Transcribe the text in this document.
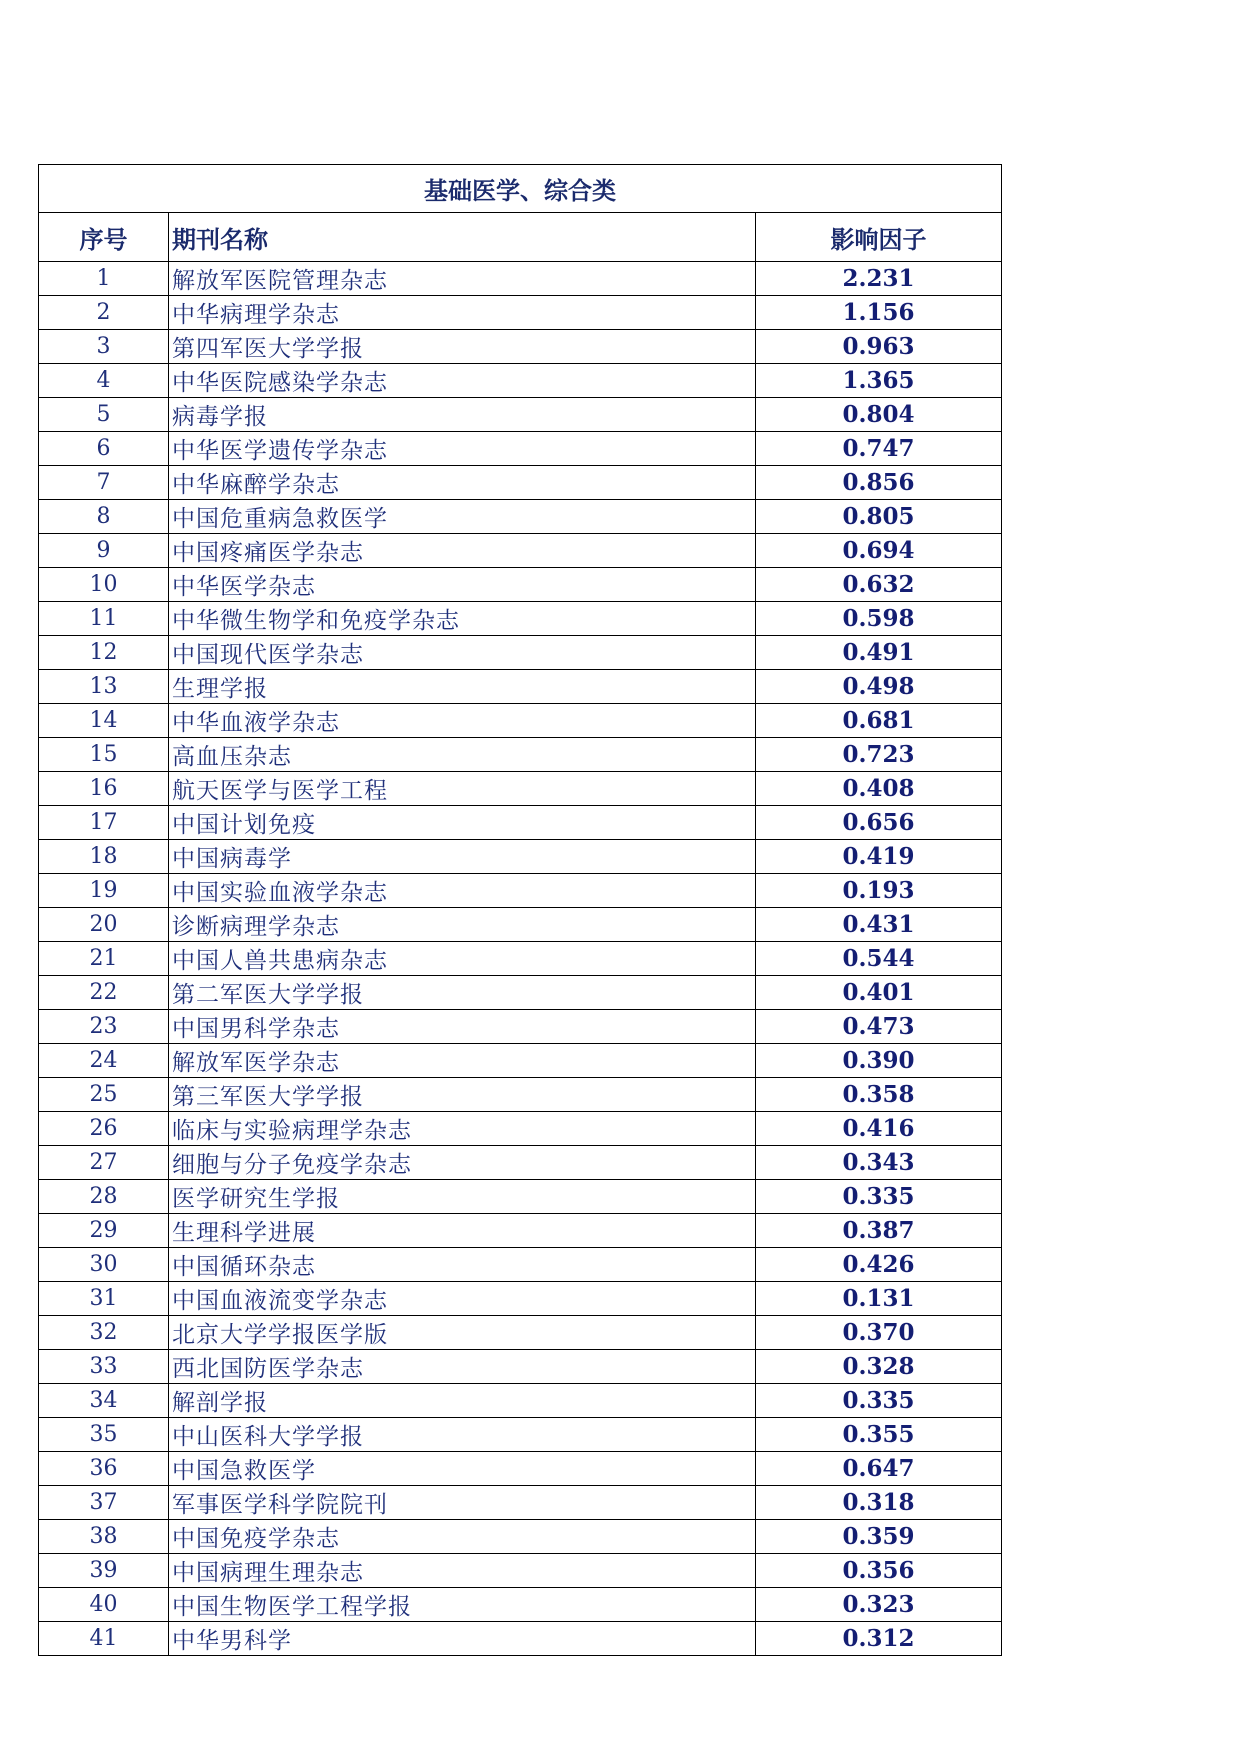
基础医学、综合类		
序号	期刊名称	影响因子
1	解放军医院管理杂志	2.231
2	中华病理学杂志	1.156
3	第四军医大学学报	0.963
4	中华医院感染学杂志	1.365
5	病毒学报	0.804
6	中华医学遗传学杂志	0.747
7	中华麻醉学杂志	0.856
8	中国危重病急救医学	0.805
9	中国疼痛医学杂志	0.694
10	中华医学杂志	0.632
11	中华微生物学和免疫学杂志	0.598
12	中国现代医学杂志	0.491
13	生理学报	0.498
14	中华血液学杂志	0.681
15	高血压杂志	0.723
16	航天医学与医学工程	0.408
17	中国计划免疫	0.656
18	中国病毒学	0.419
19	中国实验血液学杂志	0.193
20	诊断病理学杂志	0.431
21	中国人兽共患病杂志	0.544
22	第二军医大学学报	0.401
23	中国男科学杂志	0.473
24	解放军医学杂志	0.390
25	第三军医大学学报	0.358
26	临床与实验病理学杂志	0.416
27	细胞与分子免疫学杂志	0.343
28	医学研究生学报	0.335
29	生理科学进展	0.387
30	中国循环杂志	0.426
31	中国血液流变学杂志	0.131
32	北京大学学报医学版	0.370
33	西北国防医学杂志	0.328
34	解剖学报	0.335
35	中山医科大学学报	0.355
36	中国急救医学	0.647
37	军事医学科学院院刊	0.318
38	中国免疫学杂志	0.359
39	中国病理生理杂志	0.356
40	中国生物医学工程学报	0.323
41	中华男科学	0.312
